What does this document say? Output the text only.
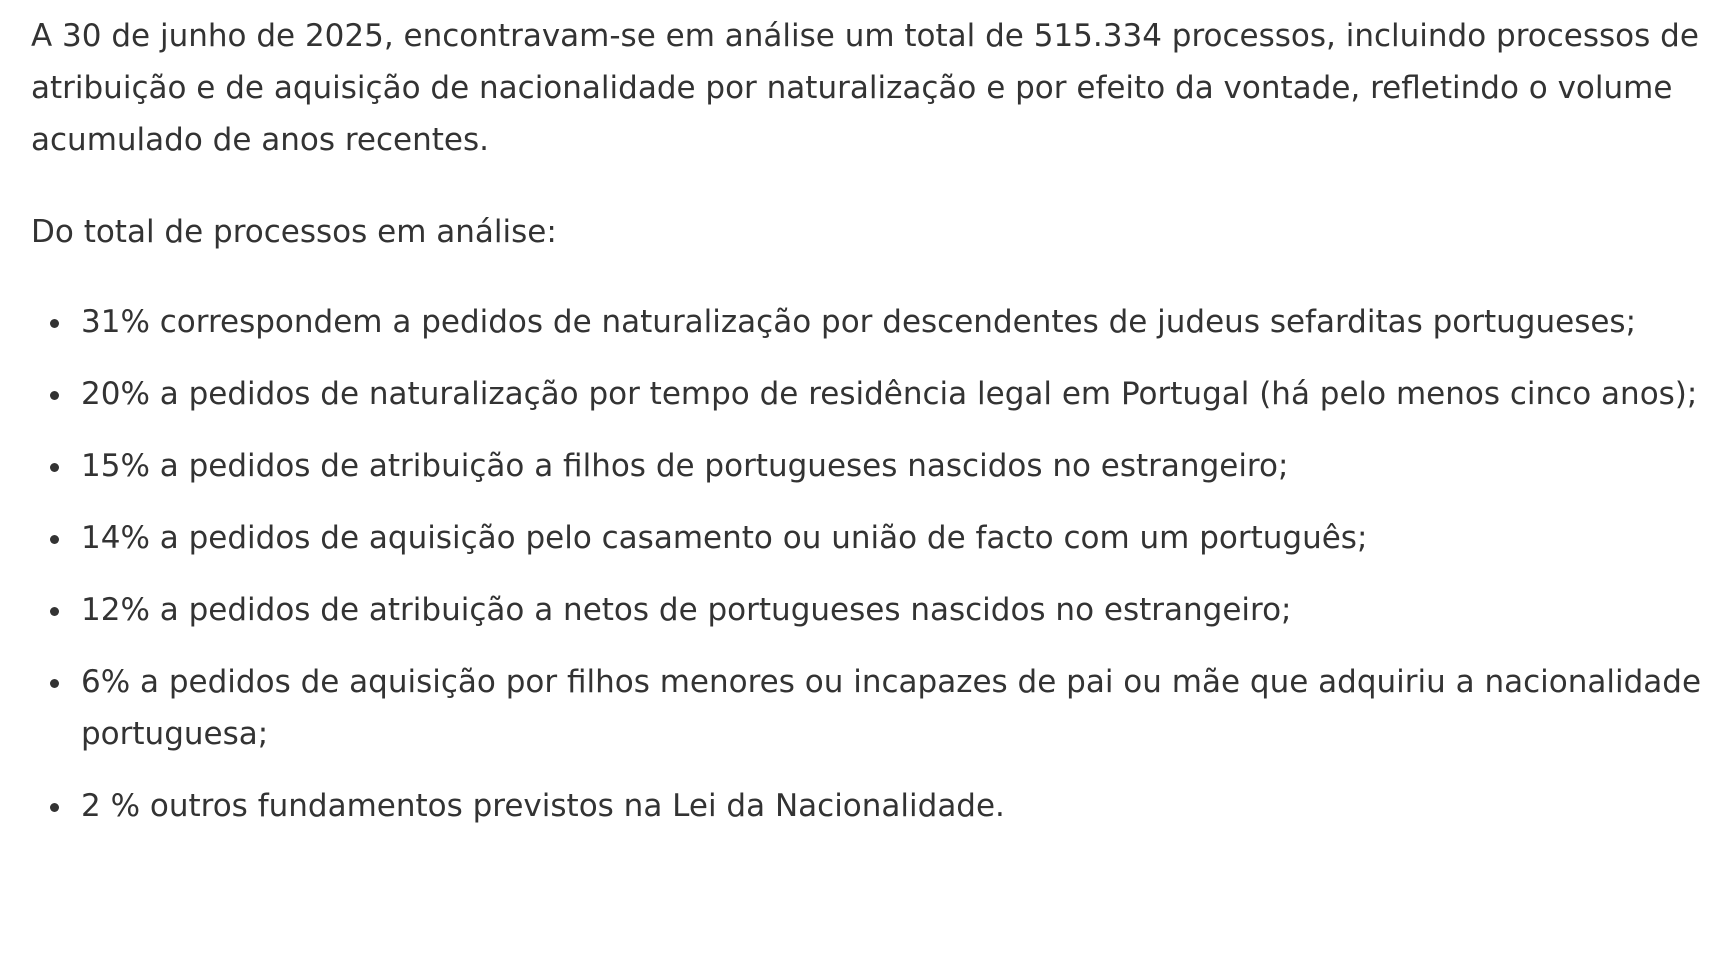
A 30 de junho de 2025, encontravam-se em análise um total de 515.334 processos, incluindo processos de atribuição e de aquisição de nacionalidade por naturalização e por efeito da vontade, refletindo o volume acumulado de anos recentes.

Do total de processos em análise:

31% correspondem a pedidos de naturalização por descendentes de judeus sefarditas portugueses;
20% a pedidos de naturalização por tempo de residência legal em Portugal (há pelo menos cinco anos);
15% a pedidos de atribuição a filhos de portugueses nascidos no estrangeiro;
14% a pedidos de aquisição pelo casamento ou união de facto com um português;
12% a pedidos de atribuição a netos de portugueses nascidos no estrangeiro;
6% a pedidos de aquisição por filhos menores ou incapazes de pai ou mãe que adquiriu a nacionalidade portuguesa;
2 % outros fundamentos previstos na Lei da Nacionalidade.
